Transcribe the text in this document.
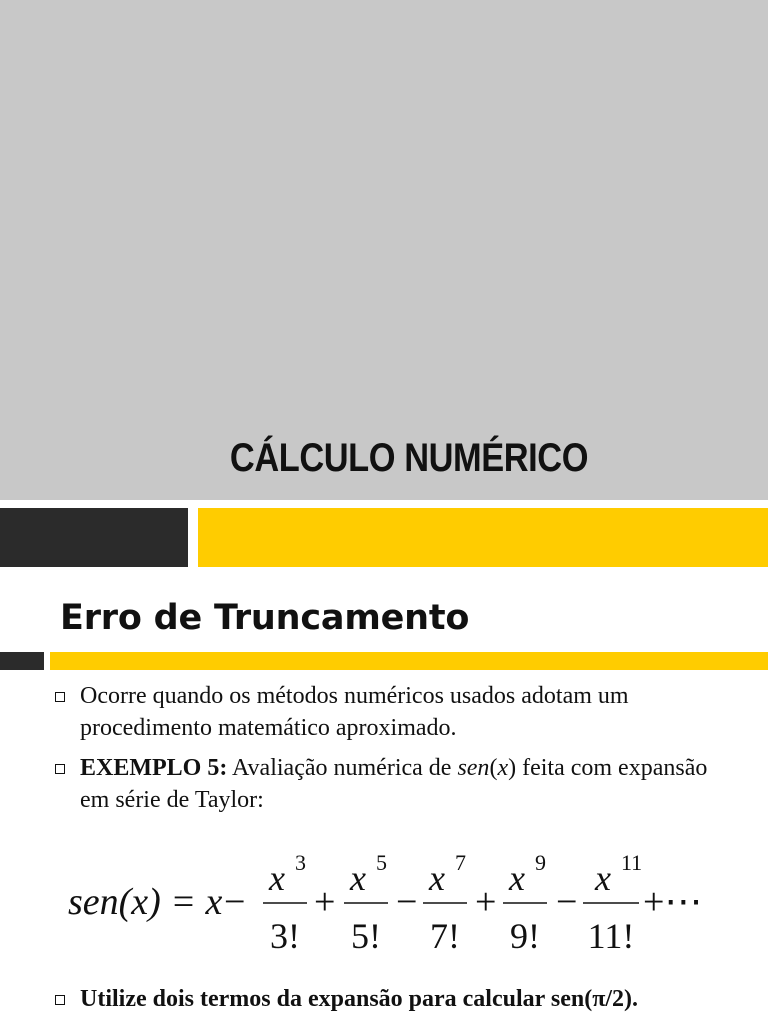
CÁLCULO NUMÉRICO
Erro de Truncamento
Ocorre quando os métodos numéricos usados adotam um procedimento matemático aproximado.
EXEMPLO 5: Avaliação numérica de sen(x) feita com expansão em série de Taylor:
sen(x) = x −
x 3
3!
+
x 5
5!
−
x 7
7!
+
x 9
9!
−
x 11
11!
+⋯
Utilize dois termos da expansão para calcular sen(π/2).
